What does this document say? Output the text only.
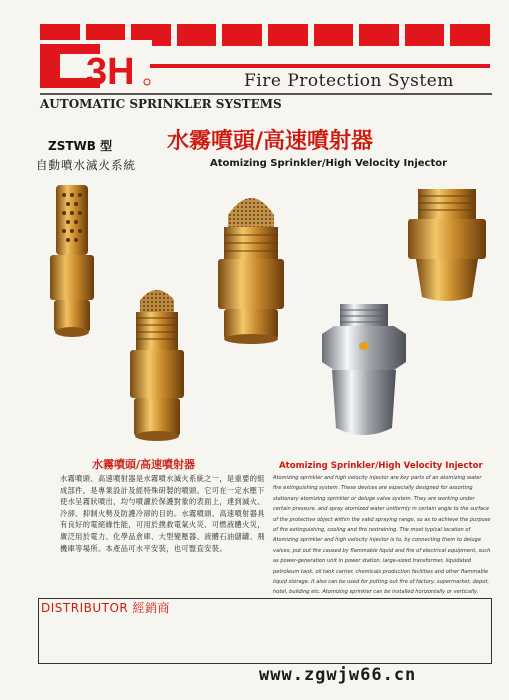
3H	Fire Protection System
AUTOMATIC SPRINKLER SYSTEMS
ZSTWB 型
自動噴水滅火系統
水霧噴頭/高速噴射器
Atomizing Sprinkler/High Velocity Injector
水霧噴頭/高速噴射器
水霧噴頭、高速噴射器是水霧噴水滅火系統之一，是重要的組成部件，是專業設計及經特殊研製的噴頭。它可在一定水壓下使水呈霧狀噴出，均勻噴灑於保護對象的表面上，達到滅火、冷卻、抑制火勢及防護冷卻的目的。水霧噴頭、高速噴射器具有良好的電絕緣性能，可用於撲救電氣火災、可燃液體火災，廣泛用於電力、化學品倉庫、大型變壓器、液體石油儲罐、飛機庫等場所。本產品可水平安裝，也可豎直安裝。
Atomizing Sprinkler/High Velocity Injector
Atomizing sprinkler and high velocity injector are key parts of an atomizing water fire extinguishing system. These devices are especially designed for assorting stationary atomizing sprinkler or deluge valve system. They are working under certain pressure, and spray atomized water uniformly in certain angle to the surface of the protective object within the valid spraying range, so as to achieve the purpose of fire extinguishing, cooling and fire restraining. The most typical location of Atomizing sprinkler and high velocity injector is to, by connecting them to deluge valves, put out fire caused by flammable liquid and fire of electrical equipment, such as power-generation unit in power station, large-sized transformer, liquidated petroleum tank, oil tank carrier, chemicals production facilities and other flammable liquid storage. It also can be used for putting out fire of factory, supermarket, depot, hotel, building etc. Atomizing sprinkler can be installed horizontally or vertically.
DISTRIBUTOR 經銷商
www.zgwjw66.cn
